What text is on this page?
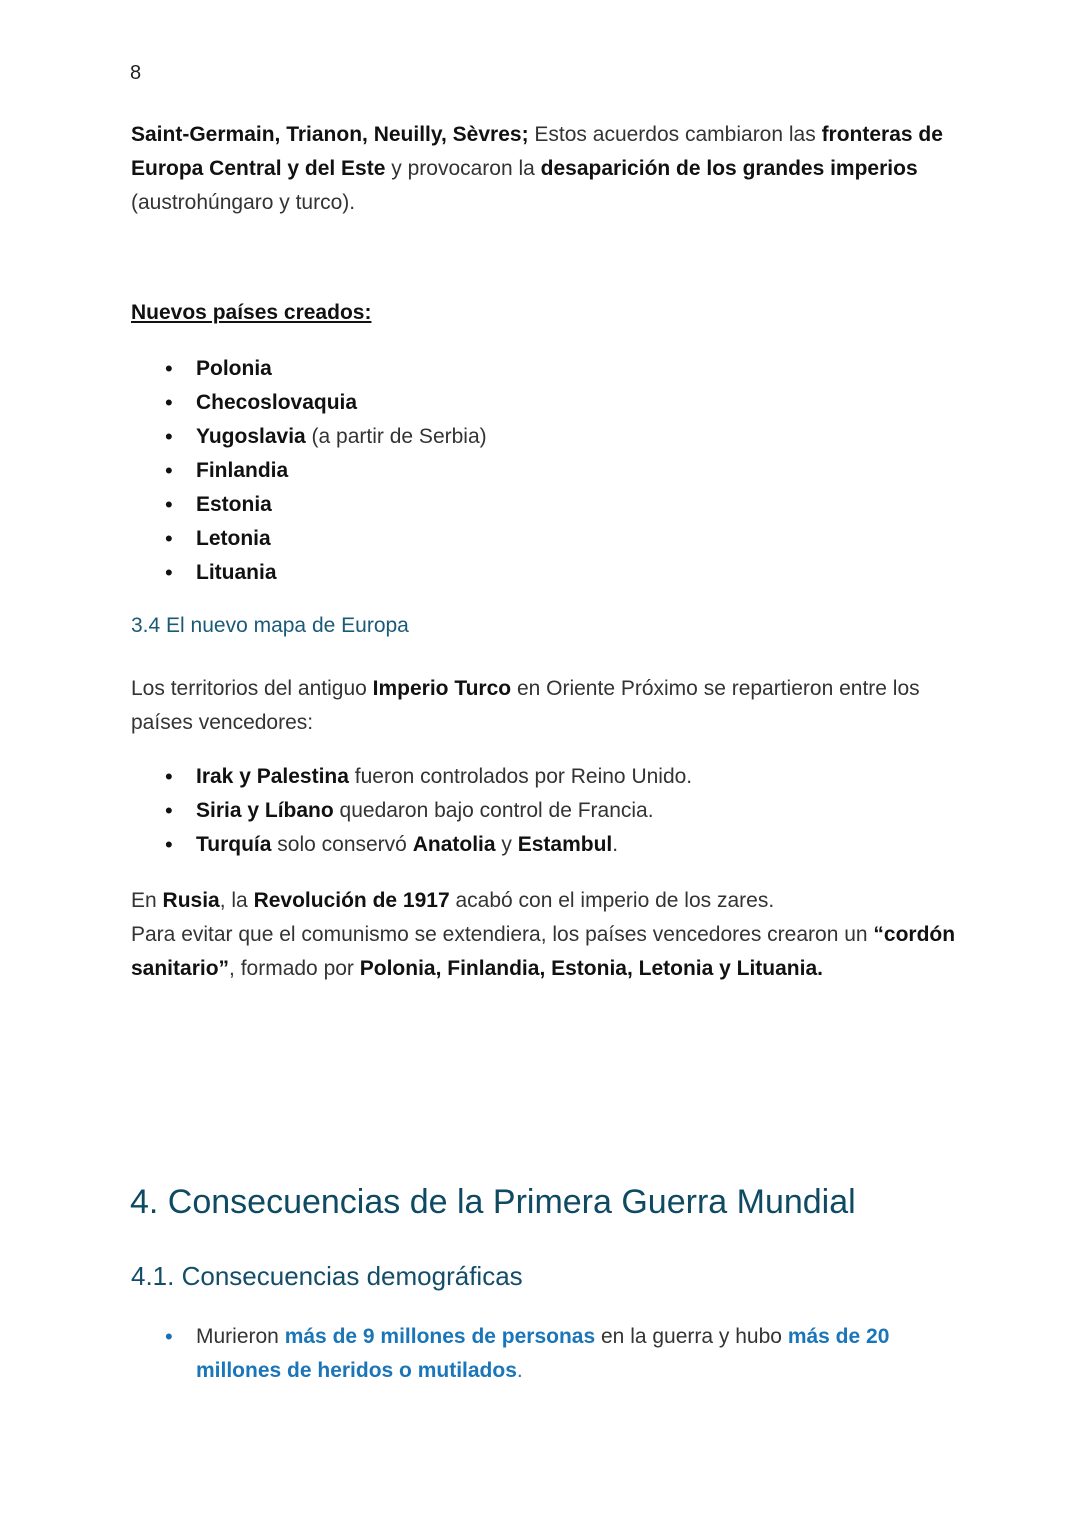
8
Saint-Germain, Trianon, Neuilly, Sèvres; Estos acuerdos cambiaron las fronteras de Europa Central y del Este y provocaron la desaparición de los grandes imperios (austrohúngaro y turco).
Nuevos países creados:
• Polonia
• Checoslovaquia
• Yugoslavia (a partir de Serbia)
• Finlandia
• Estonia
• Letonia
• Lituania
3.4 El nuevo mapa de Europa
Los territorios del antiguo Imperio Turco en Oriente Próximo se repartieron entre los países vencedores:
• Irak y Palestina fueron controlados por Reino Unido.
• Siria y Líbano quedaron bajo control de Francia.
• Turquía solo conservó Anatolia y Estambul.
En Rusia, la Revolución de 1917 acabó con el imperio de los zares.
Para evitar que el comunismo se extendiera, los países vencedores crearon un “cordón sanitario”, formado por Polonia, Finlandia, Estonia, Letonia y Lituania.
4. Consecuencias de la Primera Guerra Mundial
4.1. Consecuencias demográficas
• Murieron más de 9 millones de personas en la guerra y hubo más de 20 millones de heridos o mutilados.
